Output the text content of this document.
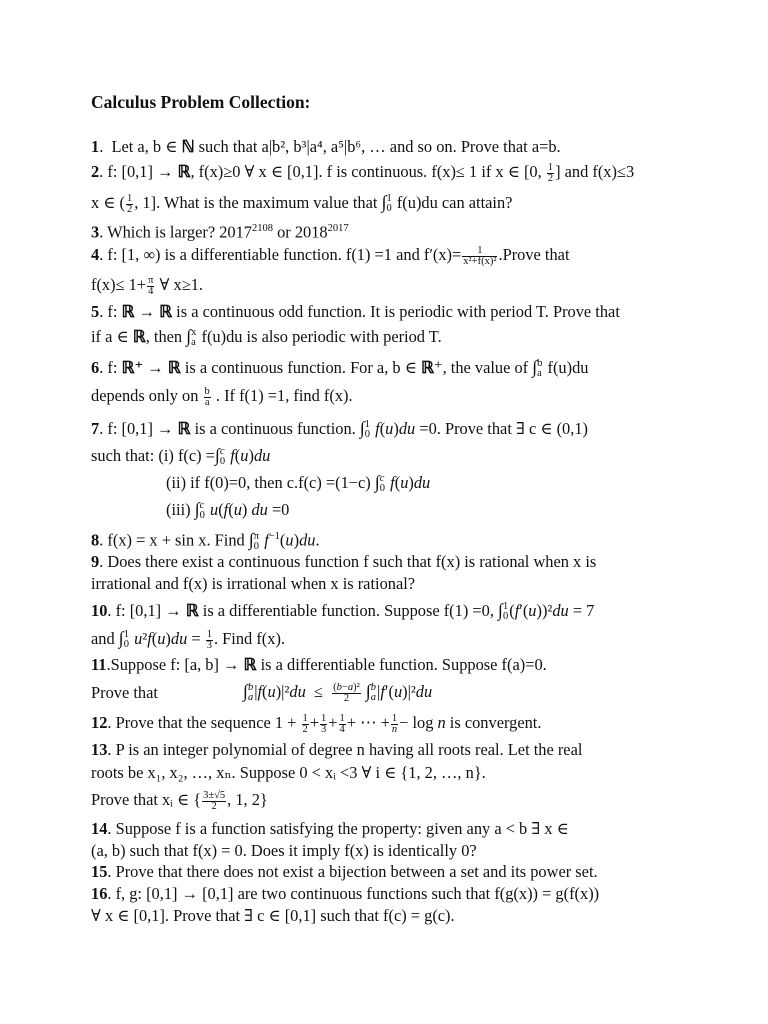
Calculus Problem Collection:
1.  Let a, b ∈ ℕ such that a|b², b³|a⁴, a⁵|b⁶, … and so on. Prove that a=b.
2. f: [0,1] → ℝ, f(x)≥0 ∀ x ∈ [0,1]. f is continuous. f(x)≤ 1 if x ∈ [0, $\frac{1}{2}$ ] and f(x)≤3
x ∈ ( $\frac{1}{2}$ , 1]. What is the maximum value that ∫ 1
0 f(u)du can attain?
3. Which is larger? $2017^{2108}$ or $2018^{2017}$
4. f: [1, ∞) is a differentiable function. f(1) =1 and $f'(x)= \frac{1}{\text{x²+f(x)²}}$ .Prove that
$f(x)\le 1+ \frac{\pi}{4}$ ∀ x≥1.
5. f: ℝ → ℝ is a continuous odd function. It is periodic with period T. Prove that
if a ∈ ℝ, then ∫ x
a f(u)du is also periodic with period T.
6. f: ℝ⁺ → ℝ is a continuous function. For a, b ∈ ℝ⁺, the value of ∫ b
a f(u)du
depends only on $\frac{b}{a}$ . If f(1) =1, find f(x).
7. f: [0,1] → ℝ is a continuous function. ∫ 1
0 f(u)du =0. Prove that ∃ c ∈ (0,1)
such that: (i) f(c) =∫ c
0 f(u)du
(ii) if f(0)=0, then c.f(c) =(1−c) ∫ c
0 f(u)du
(iii) ∫ c
0 u(f(u) du =0
8. f(x) = x + sin x. Find ∫ π
0 $f^{-1}(u)du$.
9. Does there exist a continuous function f such that f(x) is rational when x is
irrational and f(x) is irrational when x is rational?
10. f: [0,1] → ℝ is a differentiable function. Suppose f(1) =0, ∫ 1
0 (f′(u))²du = 7
and ∫ 1
0 $u^2f(u)du = \frac{1}{3}$ . Find f(x).
11.Suppose f: [a, b] → ℝ is a differentiable function. Suppose f(a)=0.
Prove that	∫ b
a $|f(u)|^2du \le \frac{\text{(b−a)²}}{2}$ ∫ b
a |f′(u)|²du
12. Prove that the sequence $1 + \frac{1}{2} + \frac{1}{3} + \frac{1}{4}$ + ⋯ + $\frac{1}{n} - \log n$ is convergent.
13. P is an integer polynomial of degree n having all roots real. Let the real
roots be x₁, x₂, …, xₙ. Suppose 0 < xᵢ <3 ∀ i ∈ {1, 2, …, n}.
Prove that xᵢ ∈ { $\frac{3\pm√5}{2}$ , 1, 2}
14. Suppose f is a function satisfying the property: given any a < b ∃ x ∈
(a, b) such that f(x) = 0. Does it imply f(x) is identically 0?
15. Prove that there does not exist a bijection between a set and its power set.
16. f, g: [0,1] → [0,1] are two continuous functions such that f(g(x)) = g(f(x))
∀ x ∈ [0,1]. Prove that ∃ c ∈ [0,1] such that f(c) = g(c).
